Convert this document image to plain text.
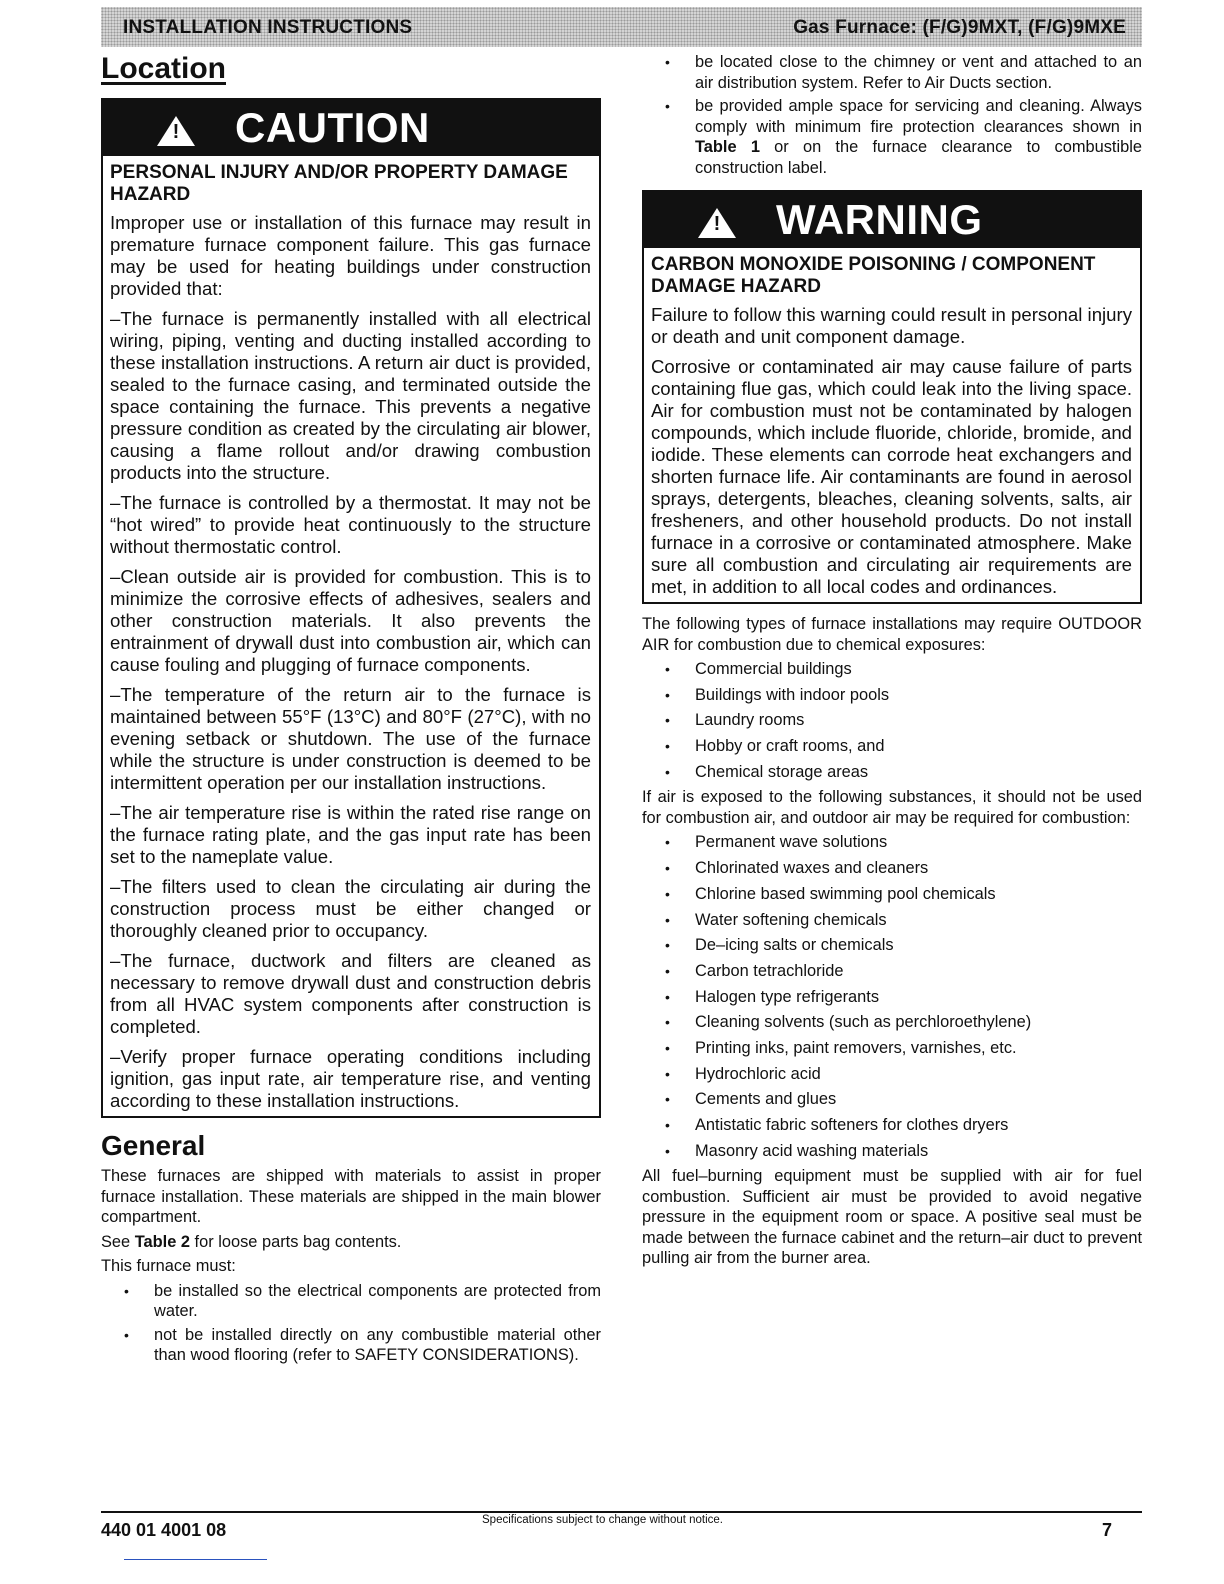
INSTALLATION INSTRUCTIONS	Gas Furnace: (F/G)9MXT, (F/G)9MXE
Location
! CAUTION

PERSONAL INJURY AND/OR PROPERTY DAMAGE HAZARD

Improper use or installation of this furnace may result in premature furnace component failure. This gas furnace may be used for heating buildings under construction provided that:

–The furnace is permanently installed with all electrical wiring, piping, venting and ducting installed according to these installation instructions. A return air duct is provided, sealed to the furnace casing, and terminated outside the space containing the furnace. This prevents a negative pressure condition as created by the circulating air blower, causing a flame rollout and/or drawing combustion products into the structure.

–The furnace is controlled by a thermostat. It may not be “hot wired” to provide heat continuously to the structure without thermostatic control.

–Clean outside air is provided for combustion. This is to minimize the corrosive effects of adhesives, sealers and other construction materials. It also prevents the entrainment of drywall dust into combustion air, which can cause fouling and plugging of furnace components.

–The temperature of the return air to the furnace is maintained between 55°F (13°C) and 80°F (27°C), with no evening setback or shutdown. The use of the furnace while the structure is under construction is deemed to be intermittent operation per our installation instructions.

–The air temperature rise is within the rated rise range on the furnace rating plate, and the gas input rate has been set to the nameplate value.

–The filters used to clean the circulating air during the construction process must be either changed or thoroughly cleaned prior to occupancy.

–The furnace, ductwork and filters are cleaned as necessary to remove drywall dust and construction debris from all HVAC system components after construction is completed.

–Verify proper furnace operating conditions including ignition, gas input rate, air temperature rise, and venting according to these installation instructions.

General

These furnaces are shipped with materials to assist in proper furnace installation. These materials are shipped in the main blower compartment.

See Table 2 for loose parts bag contents.

This furnace must:

• be installed so the electrical components are protected from water.
• not be installed directly on any combustible material other than wood flooring (refer to SAFETY CONSIDERATIONS).
• be located close to the chimney or vent and attached to an air distribution system. Refer to Air Ducts section.
• be provided ample space for servicing and cleaning. Always comply with minimum fire protection clearances shown in Table 1 or on the furnace clearance to combustible construction label.
! WARNING

CARBON MONOXIDE POISONING / COMPONENT DAMAGE HAZARD

Failure to follow this warning could result in personal injury or death and unit component damage.

Corrosive or contaminated air may cause failure of parts containing flue gas, which could leak into the living space. Air for combustion must not be contaminated by halogen compounds, which include fluoride, chloride, bromide, and iodide. These elements can corrode heat exchangers and shorten furnace life. Air contaminants are found in aerosol sprays, detergents, bleaches, cleaning solvents, salts, air fresheners, and other household products. Do not install furnace in a corrosive or contaminated atmosphere. Make sure all combustion and circulating air requirements are met, in addition to all local codes and ordinances.

The following types of furnace installations may require OUTDOOR AIR for combustion due to chemical exposures:

• Commercial buildings
• Buildings with indoor pools
• Laundry rooms
• Hobby or craft rooms, and
• Chemical storage areas

If air is exposed to the following substances, it should not be used for combustion air, and outdoor air may be required for combustion:

• Permanent wave solutions
• Chlorinated waxes and cleaners
• Chlorine based swimming pool chemicals
• Water softening chemicals
• De–icing salts or chemicals
• Carbon tetrachloride
• Halogen type refrigerants
• Cleaning solvents (such as perchloroethylene)
• Printing inks, paint removers, varnishes, etc.
• Hydrochloric acid
• Cements and glues
• Antistatic fabric softeners for clothes dryers
• Masonry acid washing materials

All fuel–burning equipment must be supplied with air for fuel combustion. Sufficient air must be provided to avoid negative pressure in the equipment room or space. A positive seal must be made between the furnace cabinet and the return–air duct to prevent pulling air from the burner area.

440 01 4001 08	Specifications subject to change without notice.	7
